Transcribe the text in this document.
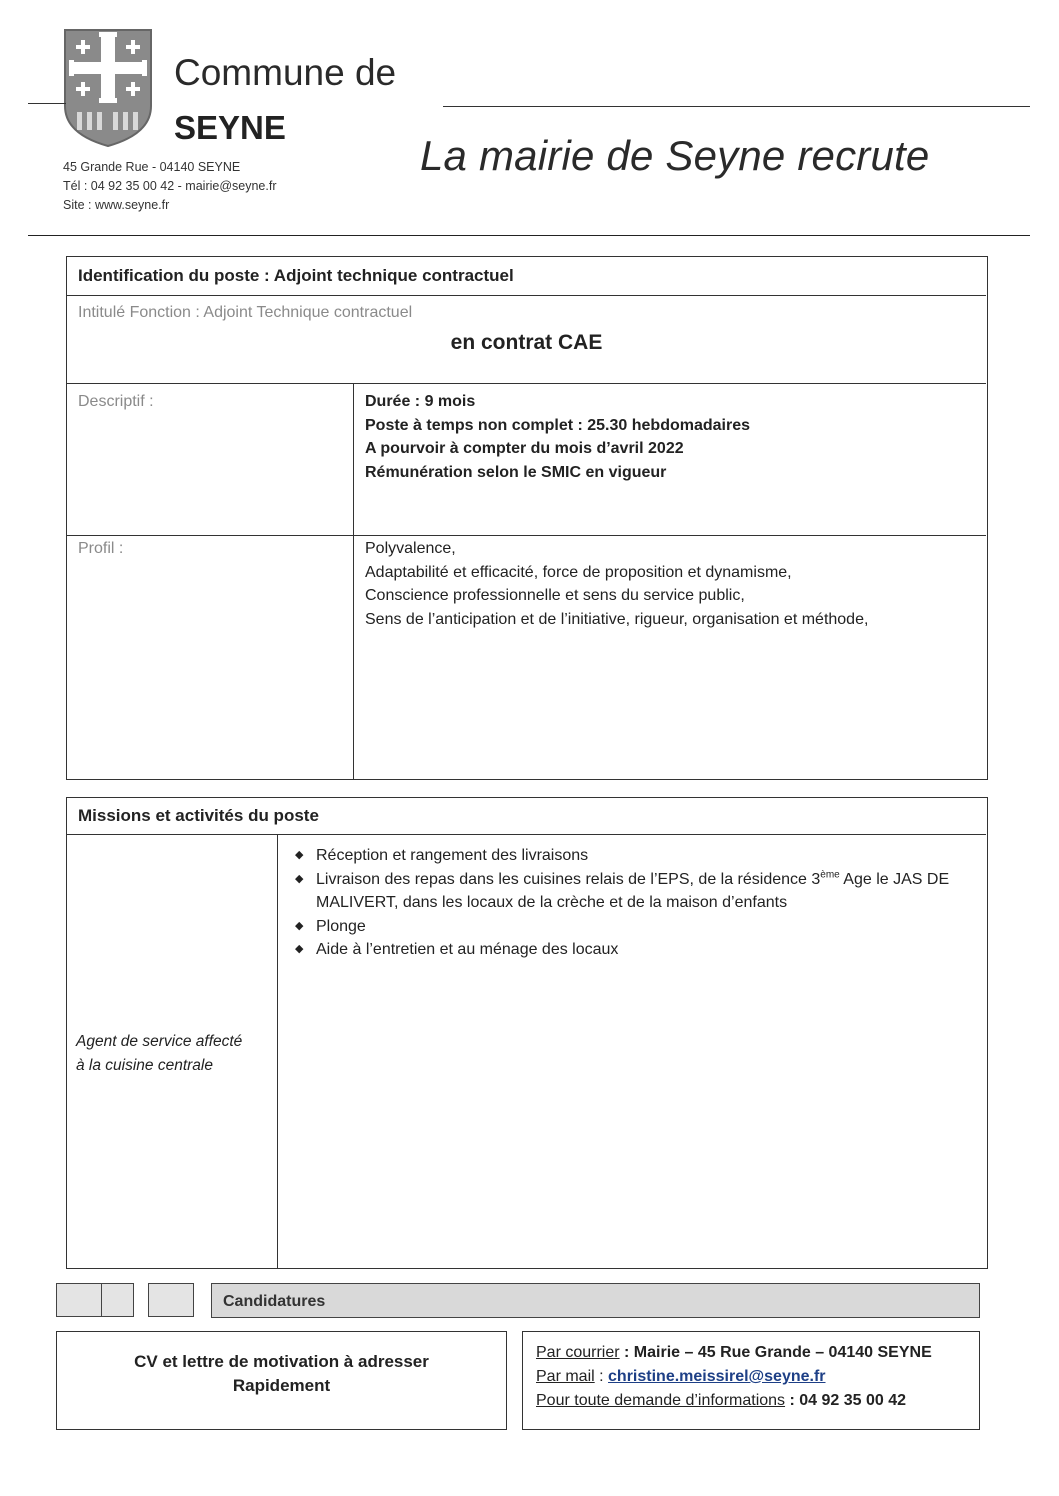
Commune de
SEYNE
La mairie de Seyne recrute
45 Grande Rue - 04140 SEYNE
Tél : 04 92 35 00 42 - mairie@seyne.fr
Site : www.seyne.fr
Identification du poste : Adjoint technique contractuel
Intitulé Fonction : Adjoint Technique contractuel
en contrat CAE
Descriptif :	Durée : 9 mois
Poste à temps non complet : 25.30 hebdomadaires
A pourvoir à compter du mois d’avril 2022
Rémunération selon le SMIC en vigueur
Profil :	Polyvalence,
Adaptabilité et efficacité, force de proposition et dynamisme,
Conscience professionnelle et sens du service public,
Sens de l’anticipation et de l’initiative, rigueur, organisation et méthode,
Missions et activités du poste
Agent de service affecté
à la cuisine centrale
◆ Réception et rangement des livraisons
◆ Livraison des repas dans les cuisines relais de l’EPS, de la résidence 3ème Age le JAS DE
MALIVERT, dans les locaux de la crèche et de la maison d’enfants
◆ Plonge
◆ Aide à l’entretien et au ménage des locaux
Candidatures
CV et lettre de motivation à adresser
Rapidement
Par courrier : Mairie – 45 Rue Grande – 04140 SEYNE
Par mail : christine.meissirel@seyne.fr
Pour toute demande d’informations : 04 92 35 00 42
